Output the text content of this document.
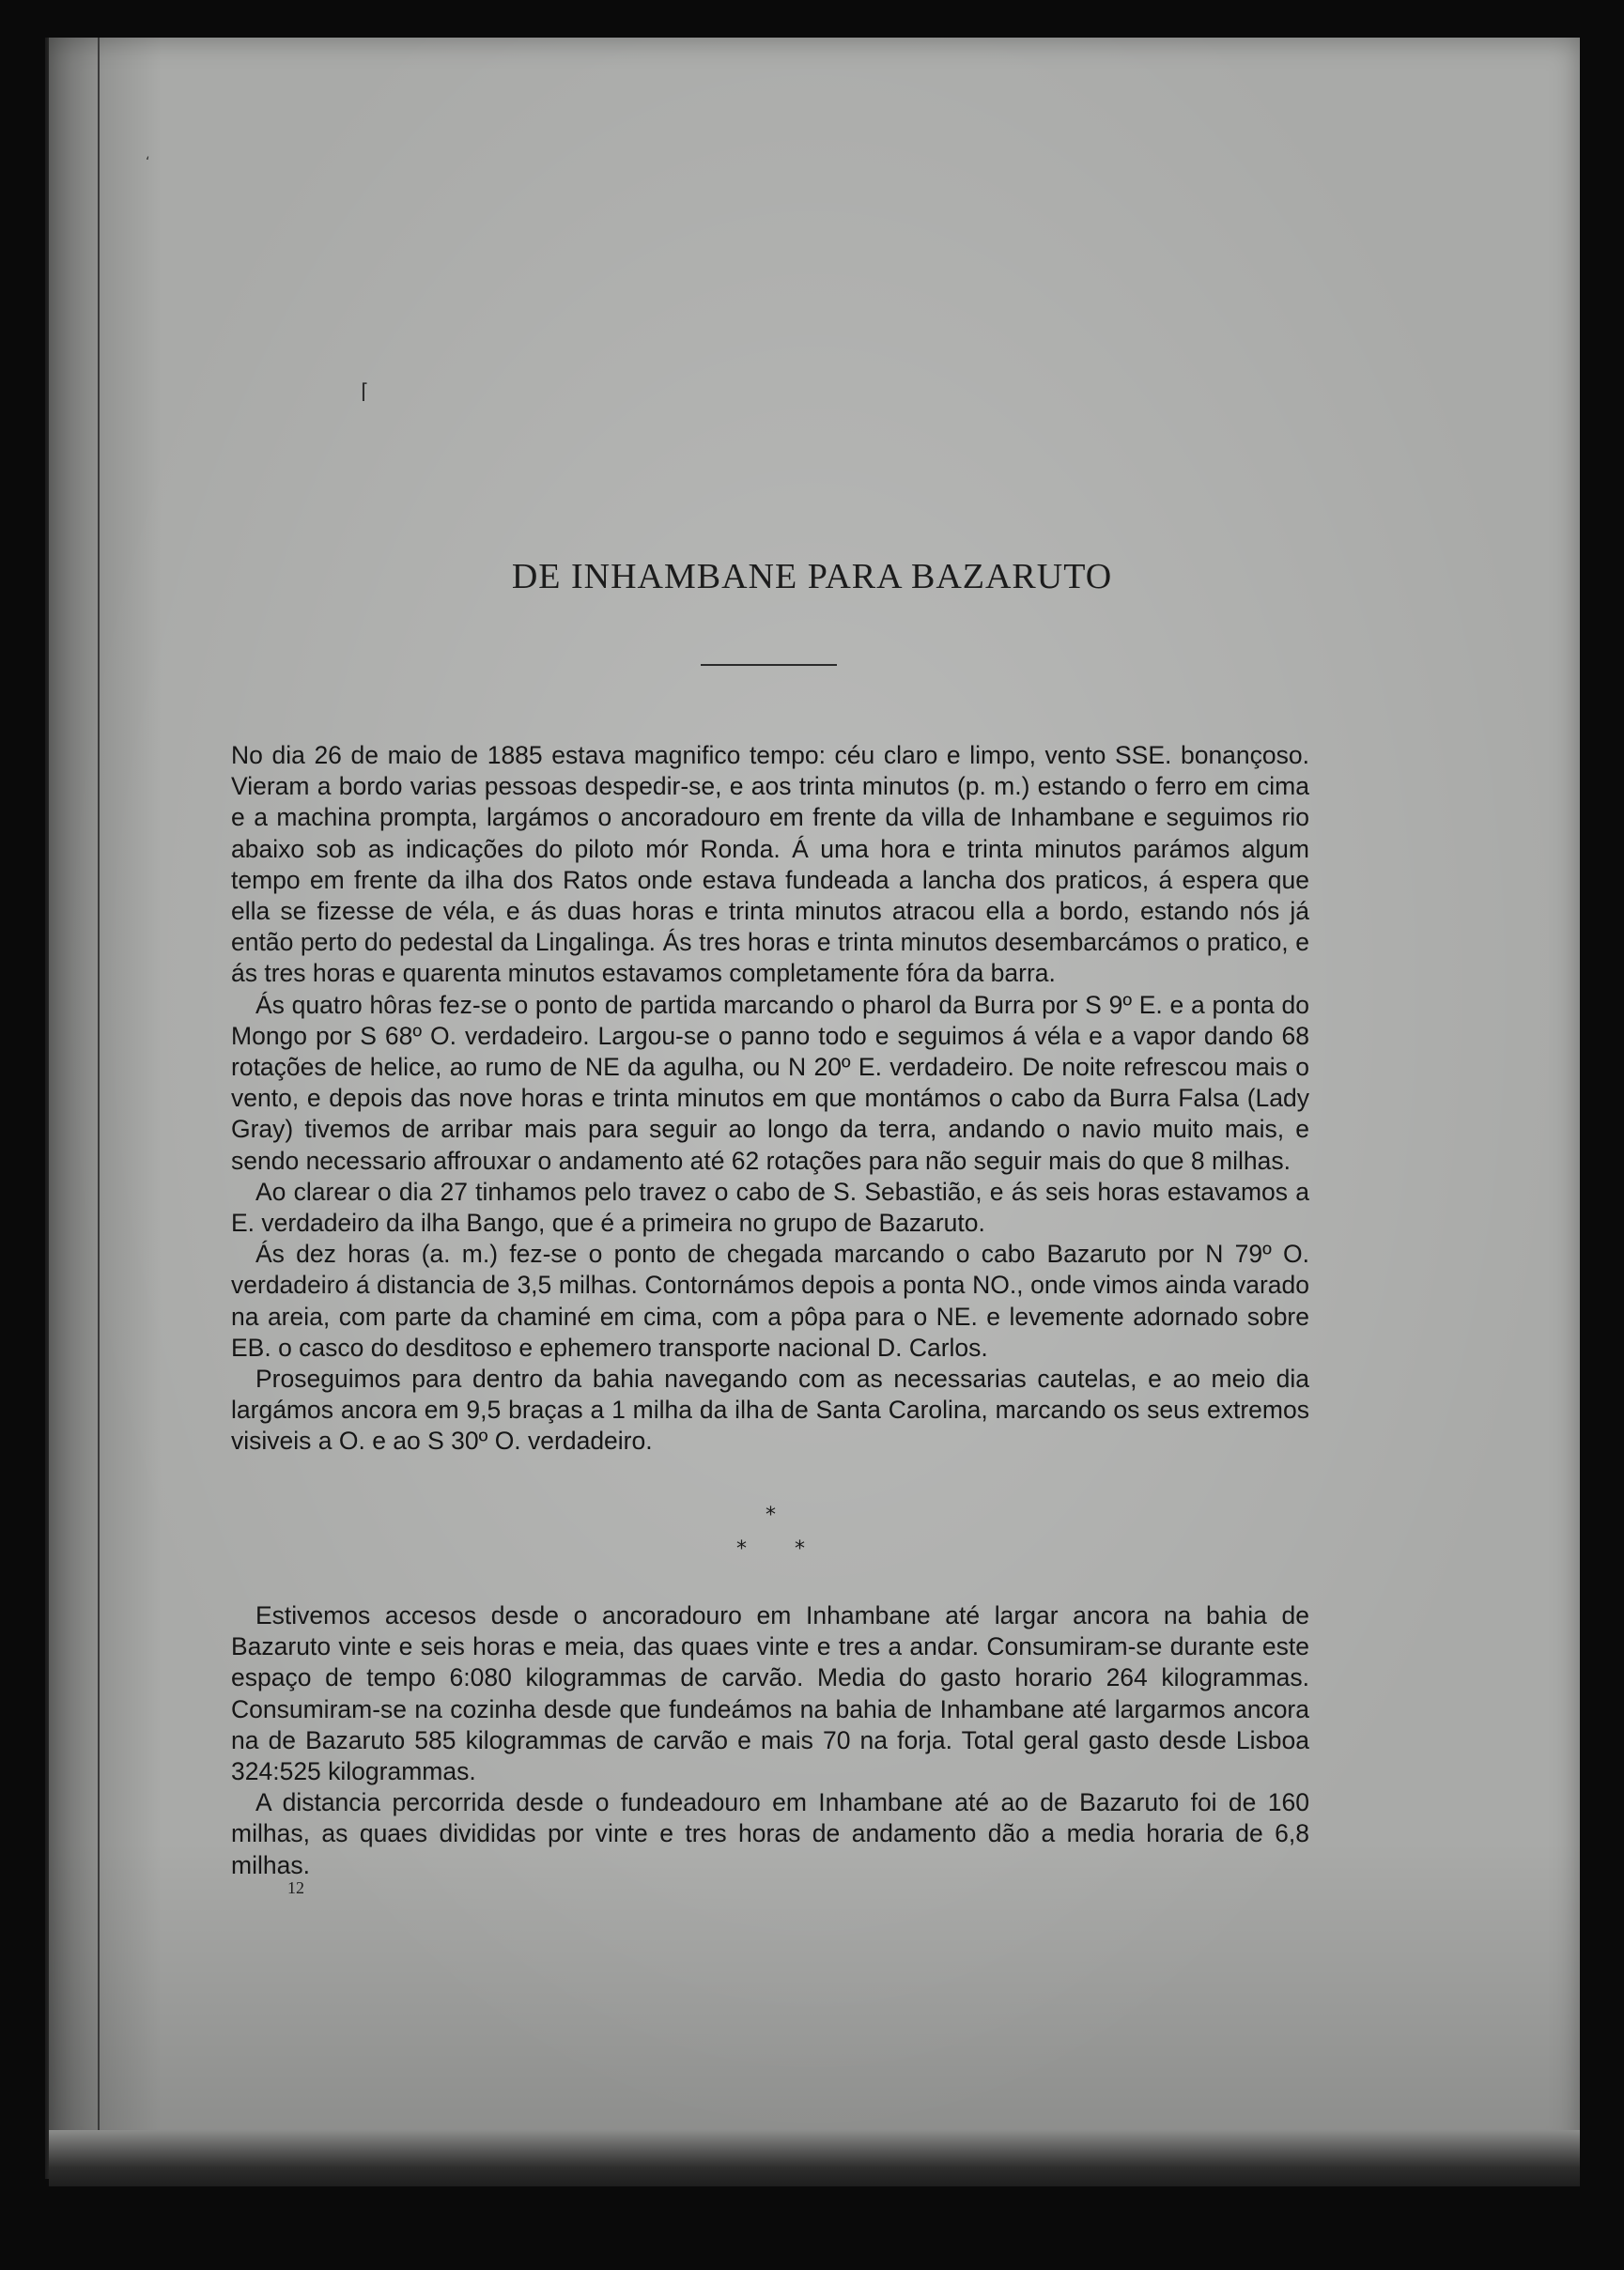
‘
⌈
DE INHAMBANE PARA BAZARUTO

No dia 26 de maio de 1885 estava magnifico tempo: céu claro e limpo, vento SSE. bonançoso. Vieram a bordo varias pessoas despedir-se, e aos trinta minutos (p. m.) estando o ferro em cima e a machina prompta, largámos o ancoradouro em frente da villa de Inhambane e seguimos rio abaixo sob as indicações do piloto mór Ronda. Á uma hora e trinta minutos parámos algum tempo em frente da ilha dos Ratos onde estava fundeada a lancha dos praticos, á espera que ella se fizesse de véla, e ás duas horas e trinta minutos atracou ella a bordo, estando nós já então perto do pedestal da Lingalinga. Ás tres horas e trinta minutos desembarcámos o pratico, e ás tres horas e quarenta minutos estavamos completamente fóra da barra.

Ás quatro hôras fez-se o ponto de partida marcando o pharol da Burra por S 9º E. e a ponta do Mongo por S 68º O. verdadeiro. Largou-se o panno todo e seguimos á véla e a vapor dando 68 rotações de helice, ao rumo de NE da agulha, ou N 20º E. verdadeiro. De noite refrescou mais o vento, e depois das nove horas e trinta minutos em que montámos o cabo da Burra Falsa (Lady Gray) tivemos de arribar mais para seguir ao longo da terra, andando o navio muito mais, e sendo necessario affrouxar o andamento até 62 rotações para não seguir mais do que 8 milhas.

Ao clarear o dia 27 tinhamos pelo travez o cabo de S. Sebastião, e ás seis horas estavamos a E. verdadeiro da ilha Bango, que é a primeira no grupo de Bazaruto.

Ás dez horas (a. m.) fez-se o ponto de chegada marcando o cabo Bazaruto por N 79º O. verdadeiro á distancia de 3,5 milhas. Contornámos depois a ponta NO., onde vimos ainda varado na areia, com parte da chaminé em cima, com a pôpa para o NE. e levemente adornado sobre EB. o casco do desditoso e ephemero transporte nacional D. Carlos.

Proseguimos para dentro da bahia navegando com as necessarias cautelas, e ao meio dia largámos ancora em 9,5 braças a 1 milha da ilha de Santa Carolina, marcando os seus extremos visiveis a O. e ao S 30º O. verdadeiro.

*
* *

Estivemos accesos desde o ancoradouro em Inhambane até largar ancora na bahia de Bazaruto vinte e seis horas e meia, das quaes vinte e tres a andar. Consumiram-se durante este espaço de tempo 6:080 kilogrammas de carvão. Media do gasto horario 264 kilogrammas. Consumiram-se na cozinha desde que fundeámos na bahia de Inhambane até largarmos ancora na de Bazaruto 585 kilogrammas de carvão e mais 70 na forja. Total geral gasto desde Lisboa 324:525 kilogrammas.

A distancia percorrida desde o fundeadouro em Inhambane até ao de Bazaruto foi de 160 milhas, as quaes divididas por vinte e tres horas de andamento dão a media horaria de 6,8 milhas.

12
